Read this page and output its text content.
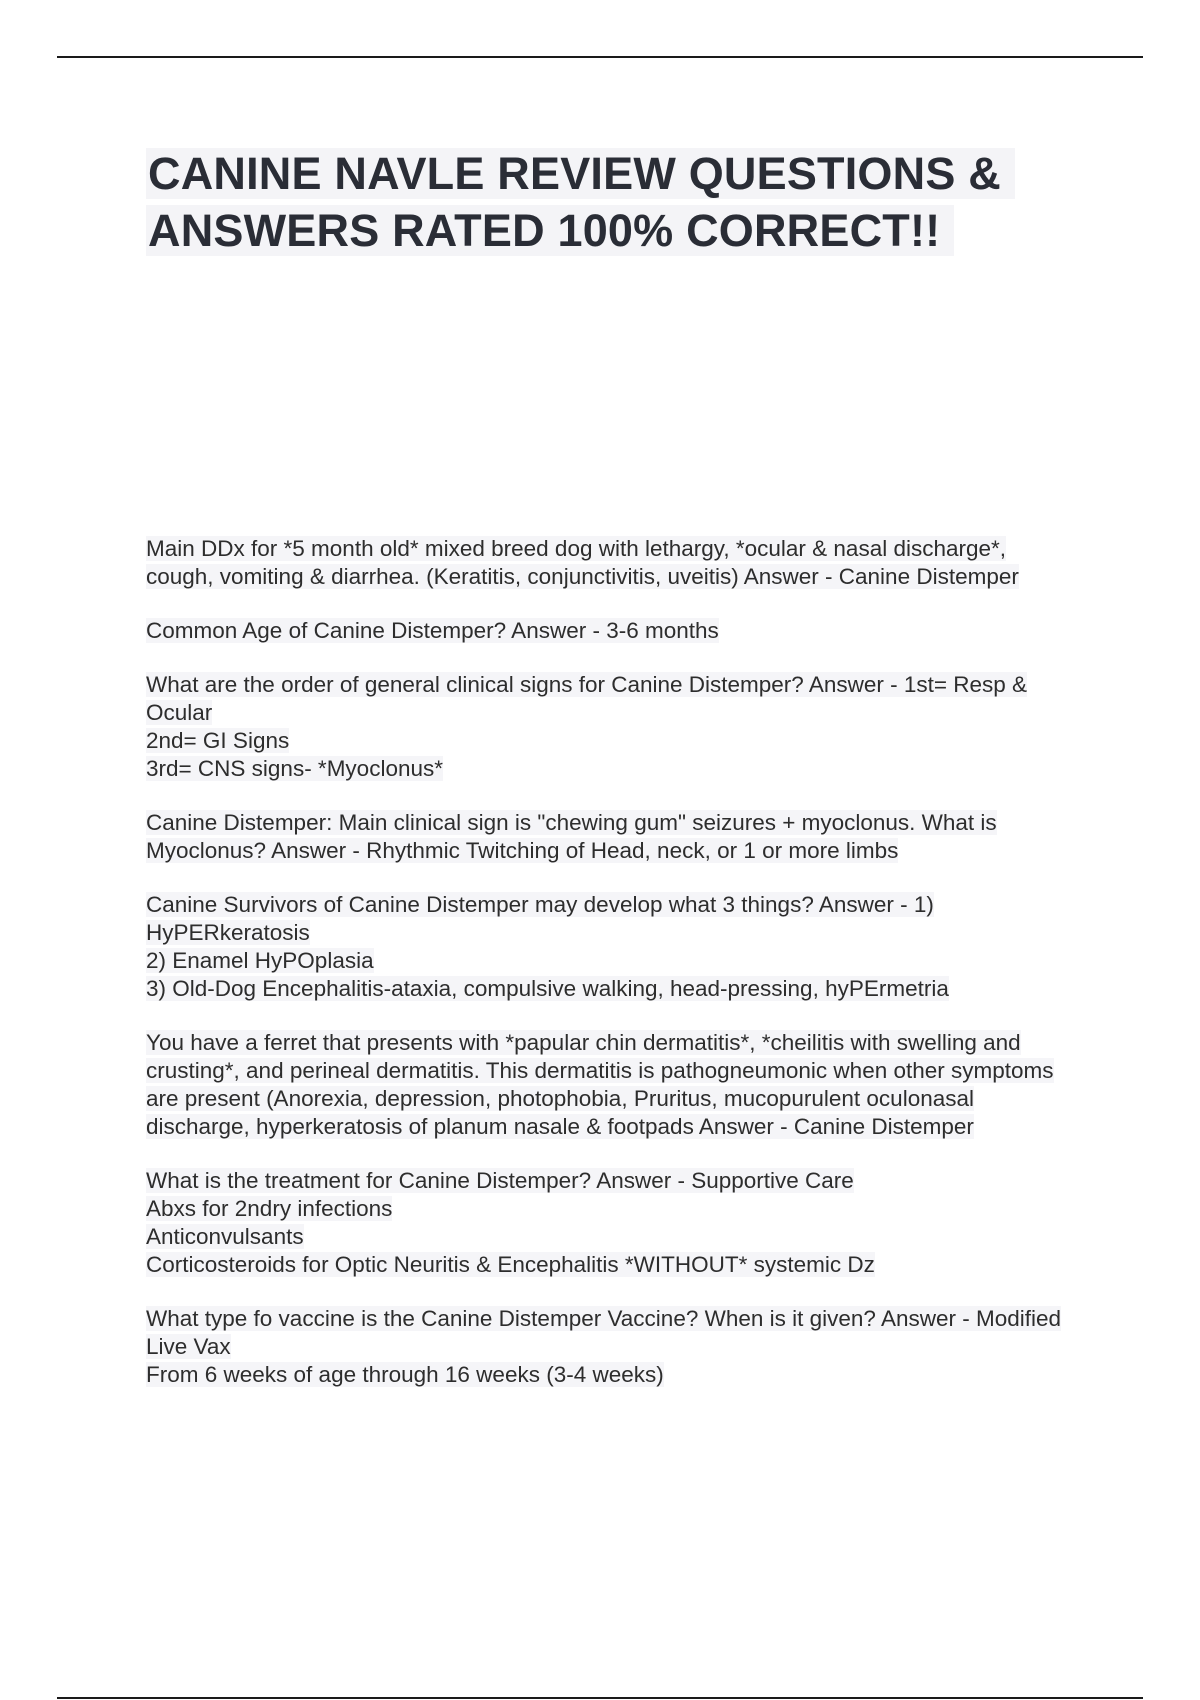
CANINE NAVLE REVIEW QUESTIONS & ANSWERS RATED 100% CORRECT!!

Main DDx for *5 month old* mixed breed dog with lethargy, *ocular & nasal discharge*, cough, vomiting & diarrhea. (Keratitis, conjunctivitis, uveitis) Answer - Canine Distemper

Common Age of Canine Distemper? Answer - 3-6 months

What are the order of general clinical signs for Canine Distemper? Answer - 1st= Resp & Ocular

2nd= GI Signs

3rd= CNS signs- *Myoclonus*

Canine Distemper: Main clinical sign is "chewing gum" seizures + myoclonus. What is Myoclonus? Answer - Rhythmic Twitching of Head, neck, or 1 or more limbs

Canine Survivors of Canine Distemper may develop what 3 things? Answer - 1) HyPERkeratosis

2) Enamel HyPOplasia

3) Old-Dog Encephalitis-ataxia, compulsive walking, head-pressing, hyPErmetria

You have a ferret that presents with *papular chin dermatitis*, *cheilitis with swelling and crusting*, and perineal dermatitis. This dermatitis is pathogneumonic when other symptoms are present (Anorexia, depression, photophobia, Pruritus, mucopurulent oculonasal discharge, hyperkeratosis of planum nasale & footpads Answer - Canine Distemper

What is the treatment for Canine Distemper? Answer - Supportive Care

Abxs for 2ndry infections

Anticonvulsants

Corticosteroids for Optic Neuritis & Encephalitis *WITHOUT* systemic Dz

What type fo vaccine is the Canine Distemper Vaccine? When is it given? Answer - Modified Live Vax

From 6 weeks of age through 16 weeks (3-4 weeks)
